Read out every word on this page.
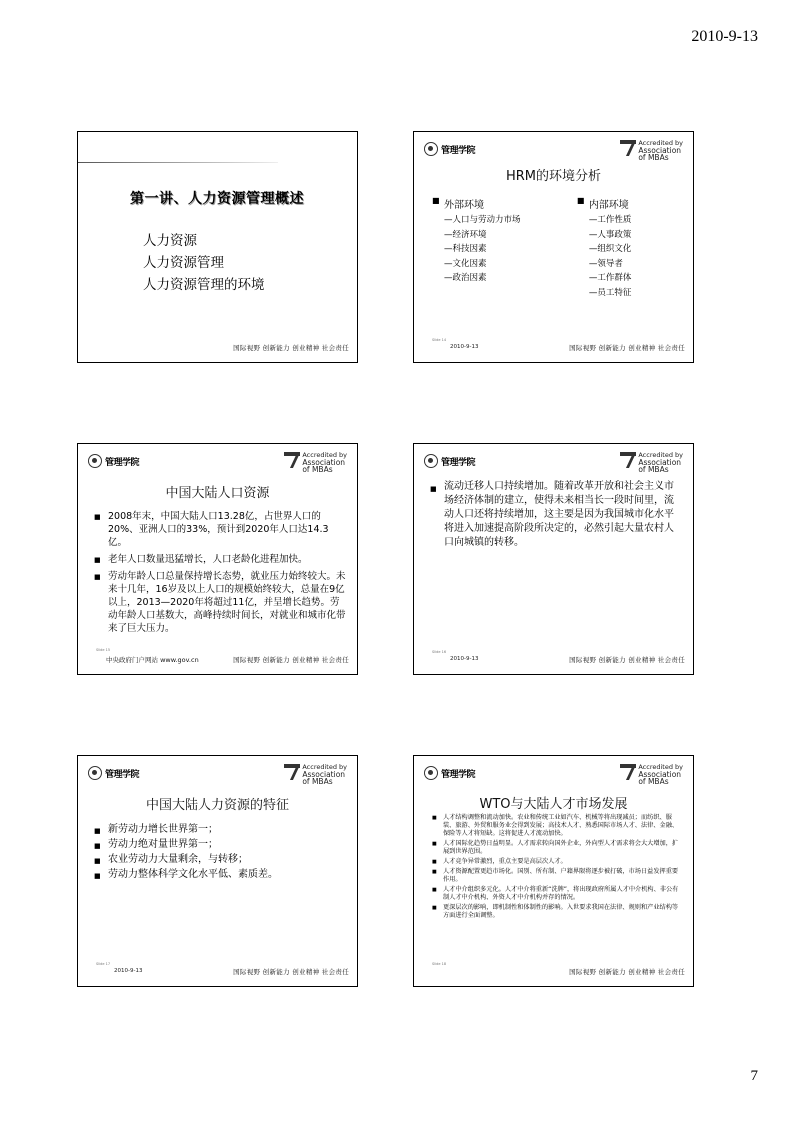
2010-9-13
第一讲、人力资源管理概述
人力资源
人力资源管理
人力资源管理的环境
国际视野 创新能力 创业精神 社会责任
管理学院
Accredited by
Association
of MBAs
HRM的环境分析
■ 外部环境
—人口与劳动力市场
—经济环境
—科技因素
—文化因素
—政治因素
■ 内部环境
—工作性质
—人事政策
—组织文化
—领导者
—工作群体
—员工特征
Slide 14
2010-9-13	国际视野 创新能力 创业精神 社会责任
管理学院
Accredited by
Association
of MBAs
中国大陆人口资源
■ 2008年末，中国大陆人口13.28亿，占世界人口的20%、亚洲人口的33%，预计到2020年人口达14.3亿。
■ 老年人口数量迅猛增长，人口老龄化进程加快。
■ 劳动年龄人口总量保持增长态势，就业压力始终较大。未来十几年，16岁及以上人口的规模始终较大，总量在9亿以上，2013—2020年将超过11亿，并呈增长趋势。劳动年龄人口基数大，高峰持续时间长，对就业和城市化带来了巨大压力。
Slide 15
中央政府门户网站 www.gov.cn	国际视野 创新能力 创业精神 社会责任
管理学院
Accredited by
Association
of MBAs
■ 流动迁移人口持续增加。随着改革开放和社会主义市场经济体制的建立，使得未来相当长一段时间里，流动人口还将持续增加，这主要是因为我国城市化水平将进入加速提高阶段所决定的，必然引起大量农村人口向城镇的转移。
Slide 16
2010-9-13	国际视野 创新能力 创业精神 社会责任
管理学院
Accredited by
Association
of MBAs
中国大陆人力资源的特征
■ 新劳动力增长世界第一；
■ 劳动力绝对量世界第一；
■ 农业劳动力大量剩余，与转移；
■ 劳动力整体科学文化水平低、素质差。
Slide 17
2010-9-13	国际视野 创新能力 创业精神 社会责任
管理学院
Accredited by
Association
of MBAs
WTO与大陆人才市场发展
■ 人才结构调整和流动加快。农业和传统工业如汽车、机械等将出现减员；而纺织、服装、旅游、外贸和服务业会得到发展；高技术人才、熟悉国际市场人才、法律、金融、保险等人才将短缺。这将促进人才流动加快。
■ 人才国际化趋势日益明显。人才需求转向国外企业，外向型人才需求将会大大增加，扩展到世界范围。
■ 人才竞争异常激烈，重点主要是高层次人才。
■ 人才资源配置更趋市场化。国别、所有制、户籍界限将逐步被打破，市场日益发挥重要作用。
■ 人才中介组织多元化。人才中介将重新“洗牌”，将出现政府所属人才中介机构、非公有制人才中介机构、外资人才中介机构并存的情况。
■ 更深层次的影响，即机制性和体制性的影响。入世要求我国在法律、规则和产业结构等方面进行全面调整。
Slide 18
国际视野 创新能力 创业精神 社会责任
7
